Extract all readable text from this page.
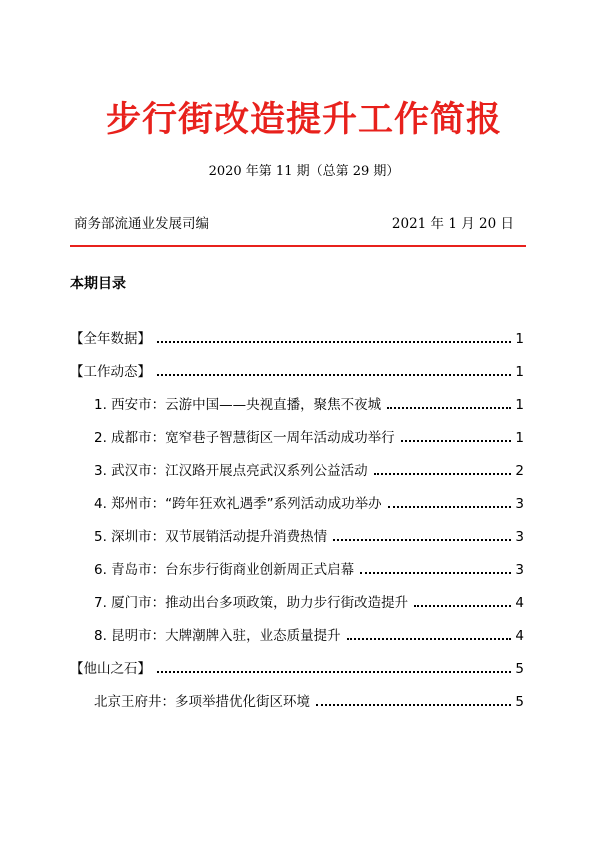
步行街改造提升工作简报
2020 年第 11 期（总第 29 期）
商务部流通业发展司编	2021 年 1 月 20 日
本期目录
【全年数据】	1
【工作动态】	1
1. 西安市：云游中国——央视直播，聚焦不夜城	1
2. 成都市：宽窄巷子智慧街区一周年活动成功举行	1
3. 武汉市：江汉路开展点亮武汉系列公益活动	2
4. 郑州市：“跨年狂欢礼遇季”系列活动成功举办	3
5. 深圳市：双节展销活动提升消费热情	3
6. 青岛市：台东步行街商业创新周正式启幕	3
7. 厦门市：推动出台多项政策，助力步行街改造提升	4
8. 昆明市：大牌潮牌入驻，业态质量提升	4
【他山之石】	5
北京王府井：多项举措优化街区环境	5
